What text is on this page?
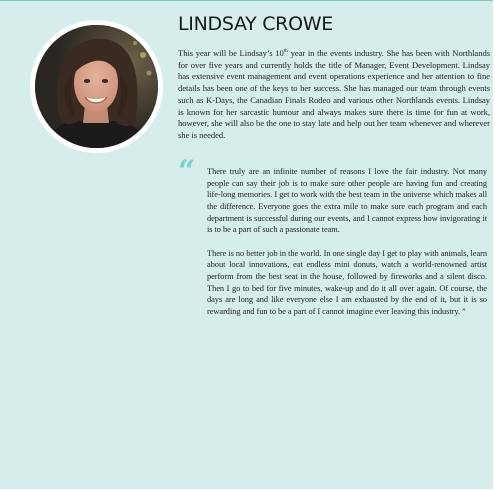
LINDSAY CROWE

This year will be Lindsay’s 10th year in the events industry. She has been with Northlands for over five years and currently holds the title of Manager, Event Development. Lindsay has extensive event management and event operations experience and her attention to fine details has been one of the keys to her success. She has managed our team through events such as K-Days, the Canadian Finals Rodeo and various other Northlands events. Lindsay is known for her sarcastic humour and always makes sure there is time for fun at work, however, she will also be the one to stay late and help out her team whenever and wherever she is needed.

“ There truly are an infinite number of reasons I love the fair industry. Not many people can say their job is to make sure other people are having fun and creating life-long memories. I get to work with the best team in the universe which makes all the difference. Everyone goes the extra mile to make sure each program and each department is successful during our events, and I cannot express how invigorating it is to be a part of such a passionate team.

There is no better job in the world. In one single day I get to play with animals, learn about local innovations, eat endless mini donuts, watch a world-renowned artist perform from the best seat in the house, followed by fireworks and a silent disco. Then I go to bed for five minutes, wake-up and do it all over again. Of course, the days are long and like everyone else I am exhausted by the end of it, but it is so rewarding and fun to be a part of I cannot imagine ever leaving this industry. ”
